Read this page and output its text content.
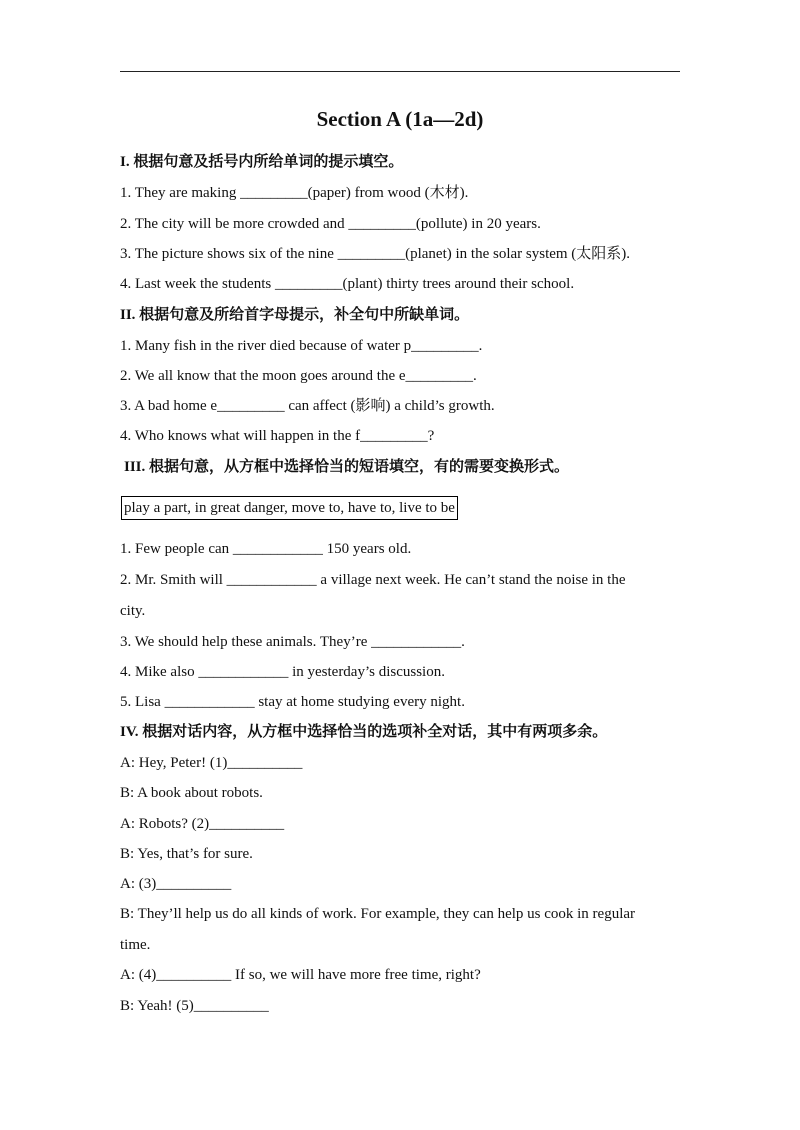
Section A (1a—2d)
I. 根据句意及括号内所给单词的提示填空。
1. They are making _________(paper) from wood (木材).
2. The city will be more crowded and _________(pollute) in 20 years.
3. The picture shows six of the nine _________(planet) in the solar system (太阳系).
4. Last week the students _________(plant) thirty trees around their school.
II. 根据句意及所给首字母提示，补全句中所缺单词。
1. Many fish in the river died because of water p_________.
2. We all know that the moon goes around the e_________.
3. A bad home e_________ can affect (影响) a child’s growth.
4. Who knows what will happen in the f_________?
III. 根据句意，从方框中选择恰当的短语填空，有的需要变换形式。
play a part, in great danger, move to, have to, live to be
1. Few people can ____________ 150 years old.
2. Mr. Smith will ____________ a village next week. He can’t stand the noise in the
city.
3. We should help these animals. They’re ____________.
4. Mike also ____________ in yesterday’s discussion.
5. Lisa ____________ stay at home studying every night.
IV. 根据对话内容，从方框中选择恰当的选项补全对话，其中有两项多余。
A: Hey, Peter! (1)__________
B: A book about robots.
A: Robots? (2)__________
B: Yes, that’s for sure.
A: (3)__________
B: They’ll help us do all kinds of work. For example, they can help us cook in regular
time.
A: (4)__________ If so, we will have more free time, right?
B: Yeah! (5)__________
